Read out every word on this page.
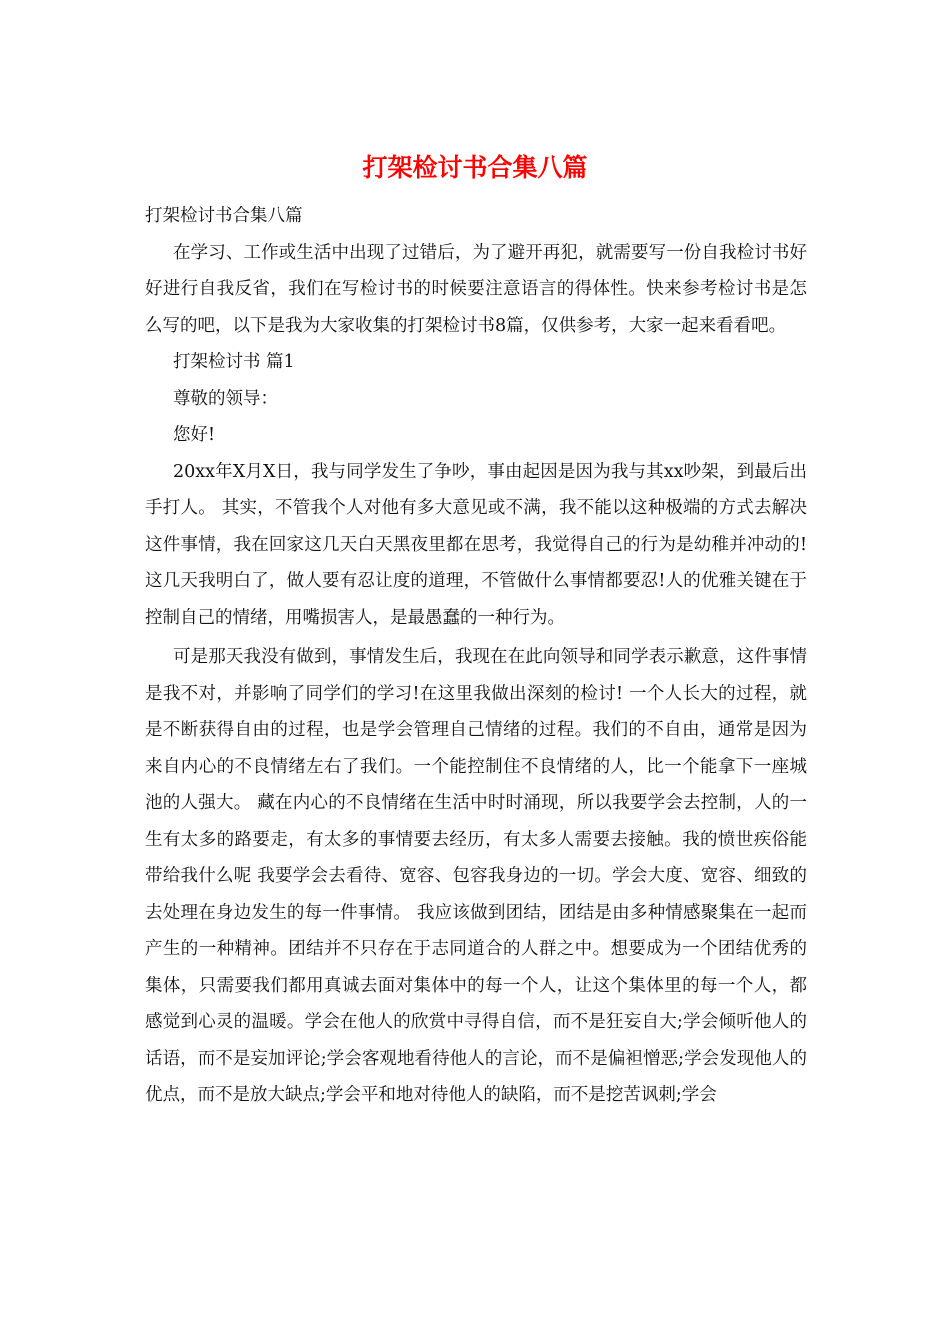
打架检讨书合集八篇

打架检讨书合集八篇

在学习、工作或生活中出现了过错后，为了避开再犯，就需要写一份自我检讨书好好进行自我反省，我们在写检讨书的时候要注意语言的得体性。快来参考检讨书是怎么写的吧，以下是我为大家收集的打架检讨书8篇，仅供参考，大家一起来看看吧。

打架检讨书 篇1

尊敬的领导：

您好!

20xx年X月X日，我与同学发生了争吵，事由起因是因为我与其xx吵架，到最后出手打人。 其实，不管我个人对他有多大意见或不满，我不能以这种极端的方式去解决这件事情，我在回家这几天白天黑夜里都在思考，我觉得自己的行为是幼稚并冲动的! 这几天我明白了，做人要有忍让度的道理，不管做什么事情都要忍!人的优雅关键在于控制自己的情绪，用嘴损害人，是最愚蠢的一种行为。

可是那天我没有做到，事情发生后，我现在在此向领导和同学表示歉意，这件事情是我不对，并影响了同学们的学习!在这里我做出深刻的检讨! 一个人长大的过程，就是不断获得自由的过程，也是学会管理自己情绪的过程。我们的不自由，通常是因为来自内心的不良情绪左右了我们。一个能控制住不良情绪的人，比一个能拿下一座城池的人强大。 藏在内心的不良情绪在生活中时时涌现，所以我要学会去控制，人的一生有太多的路要走，有太多的事情要去经历，有太多人需要去接触。我的愤世疾俗能带给我什么呢 我要学会去看待、宽容、包容我身边的一切。学会大度、宽容、细致的去处理在身边发生的每一件事情。 我应该做到团结，团结是由多种情感聚集在一起而产生的一种精神。团结并不只存在于志同道合的人群之中。想要成为一个团结优秀的集体，只需要我们都用真诚去面对集体中的每一个人，让这个集体里的每一个人，都感觉到心灵的温暖。学会在他人的欣赏中寻得自信，而不是狂妄自大;学会倾听他人的话语，而不是妄加评论;学会客观地看待他人的言论，而不是偏袒憎恶;学会发现他人的优点，而不是放大缺点;学会平和地对待他人的缺陷，而不是挖苦讽刺;学会
